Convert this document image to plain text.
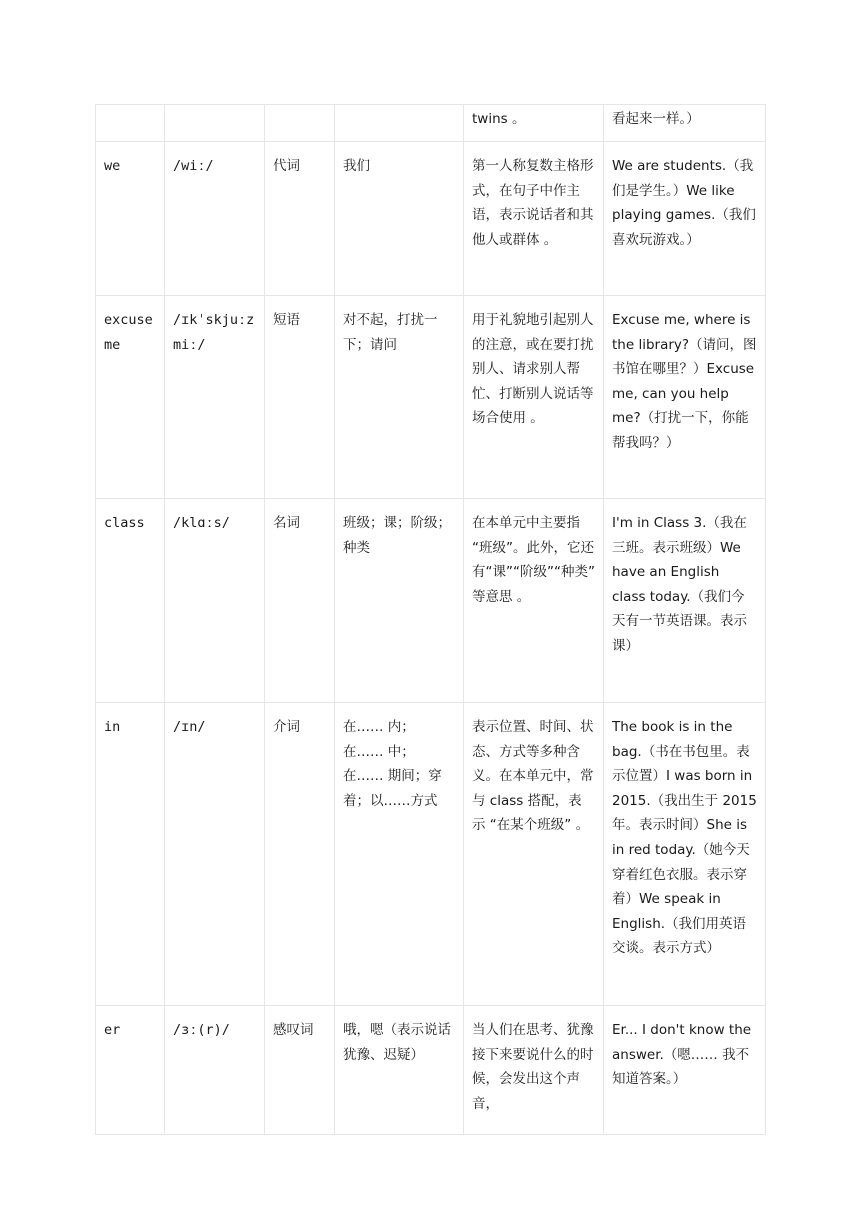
				twins 。	看起来一样。）
we	/wiː/	代词	我们	第一人称复数主格形式，在句子中作主语，表示说话者和其他人或群体 。	We are students.（我们是学生。）We like playing games.（我们喜欢玩游戏。）
excuse me	/ɪkˈskjuːz miː/	短语	对不起，打扰一下；请问	用于礼貌地引起别人的注意，或在要打扰别人、请求别人帮忙、打断别人说话等场合使用 。	Excuse me, where is the library?（请问，图书馆在哪里？）Excuse me, can you help me?（打扰一下，你能帮我吗？）
class	/klɑːs/	名词	班级；课；阶级；种类	在本单元中主要指 “班级”。此外，它还有“课”“阶级”“种类” 等意思 。	I'm in Class 3.（我在三班。表示班级）We have an English class today.（我们今天有一节英语课。表示课）
in	/ɪn/	介词	在…… 内；在…… 中；在…… 期间；穿着；以……方式	表示位置、时间、状态、方式等多种含义。在本单元中，常与 class 搭配，表示 “在某个班级” 。	The book is in the bag.（书在书包里。表示位置）I was born in 2015.（我出生于 2015 年。表示时间）She is in red today.（她今天穿着红色衣服。表示穿着）We speak in English.（我们用英语交谈。表示方式）
er	/ɜː(r)/	感叹词	哦，嗯（表示说话犹豫、迟疑）	当人们在思考、犹豫接下来要说什么的时候，会发出这个声音，	Er... I don't know the answer.（嗯…… 我不知道答案。）
